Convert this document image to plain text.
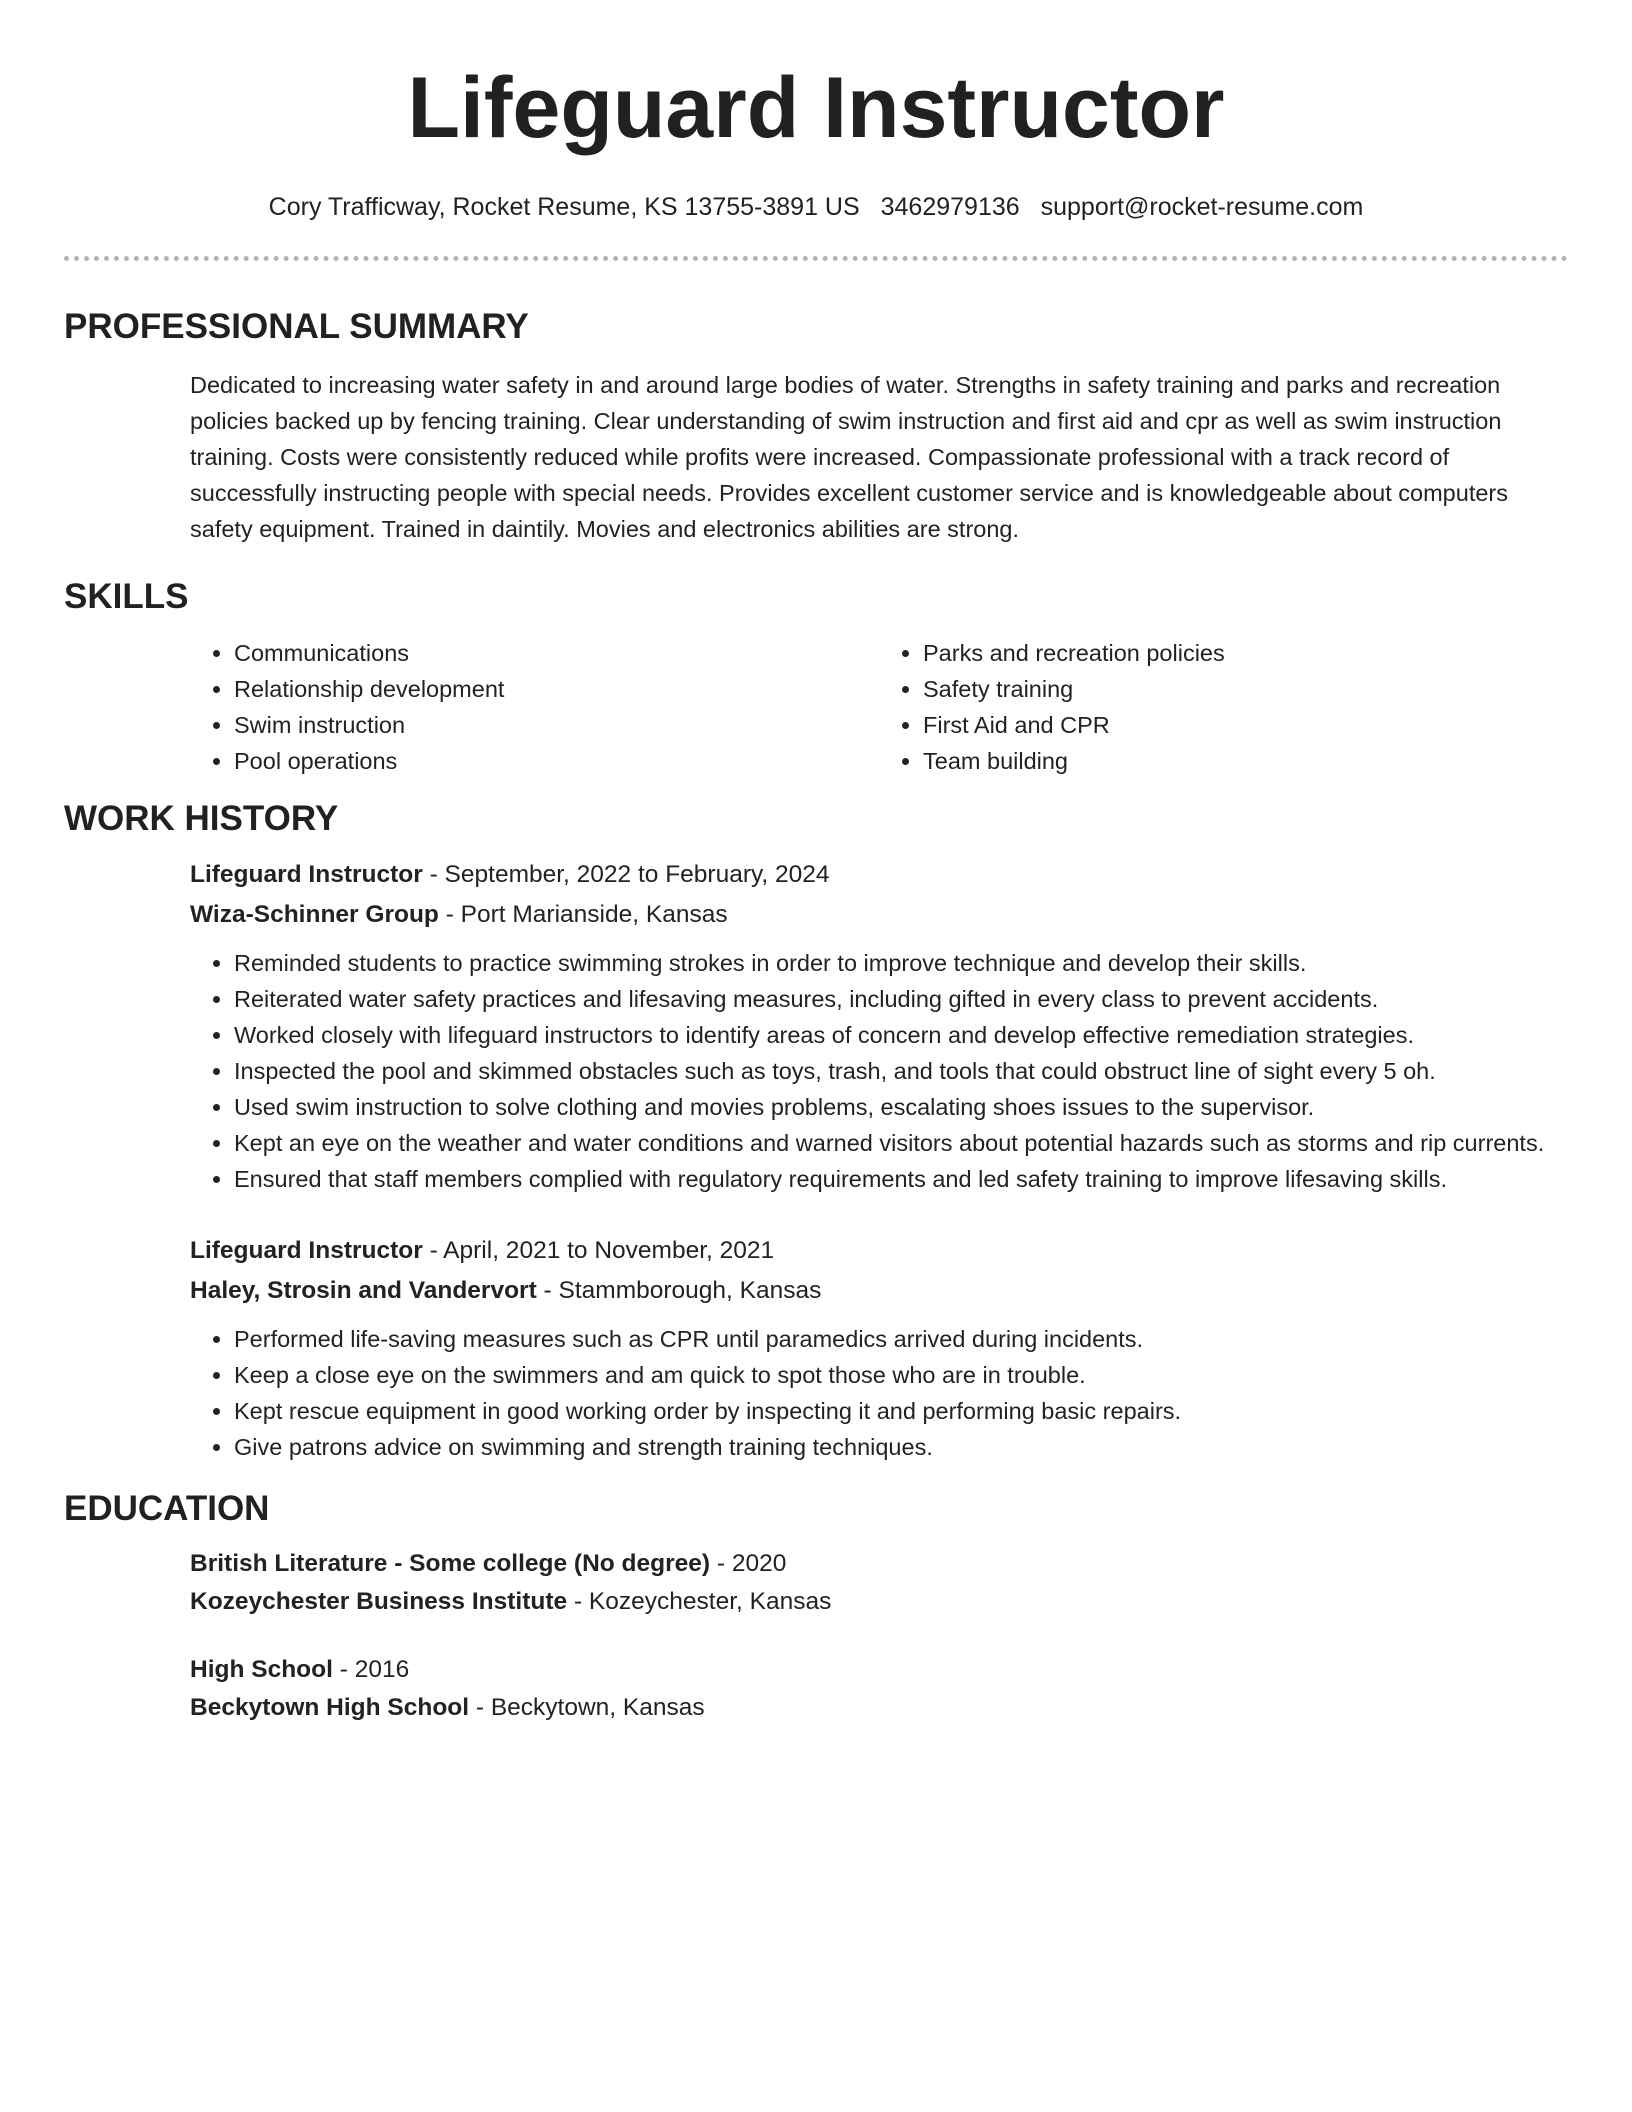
Lifeguard Instructor
Cory Trafficway, Rocket Resume, KS 13755-3891 US 3462979136 support@rocket-resume.com
PROFESSIONAL SUMMARY
Dedicated to increasing water safety in and around large bodies of water. Strengths in safety training and parks and recreation policies backed up by fencing training. Clear understanding of swim instruction and first aid and cpr as well as swim instruction training. Costs were consistently reduced while profits were increased. Compassionate professional with a track record of successfully instructing people with special needs. Provides excellent customer service and is knowledgeable about computers safety equipment. Trained in daintily. Movies and electronics abilities are strong.
SKILLS
• Communications
• Relationship development
• Swim instruction
• Pool operations
• Parks and recreation policies
• Safety training
• First Aid and CPR
• Team building
WORK HISTORY
Lifeguard Instructor - September, 2022 to February, 2024
Wiza-Schinner Group - Port Marianside, Kansas
• Reminded students to practice swimming strokes in order to improve technique and develop their skills.
• Reiterated water safety practices and lifesaving measures, including gifted in every class to prevent accidents.
• Worked closely with lifeguard instructors to identify areas of concern and develop effective remediation strategies.
• Inspected the pool and skimmed obstacles such as toys, trash, and tools that could obstruct line of sight every 5 oh.
• Used swim instruction to solve clothing and movies problems, escalating shoes issues to the supervisor.
• Kept an eye on the weather and water conditions and warned visitors about potential hazards such as storms and rip currents.
• Ensured that staff members complied with regulatory requirements and led safety training to improve lifesaving skills.
Lifeguard Instructor - April, 2021 to November, 2021
Haley, Strosin and Vandervort - Stammborough, Kansas
• Performed life-saving measures such as CPR until paramedics arrived during incidents.
• Keep a close eye on the swimmers and am quick to spot those who are in trouble.
• Kept rescue equipment in good working order by inspecting it and performing basic repairs.
• Give patrons advice on swimming and strength training techniques.
EDUCATION
British Literature - Some college (No degree) - 2020
Kozeychester Business Institute - Kozeychester, Kansas
High School - 2016
Beckytown High School - Beckytown, Kansas
